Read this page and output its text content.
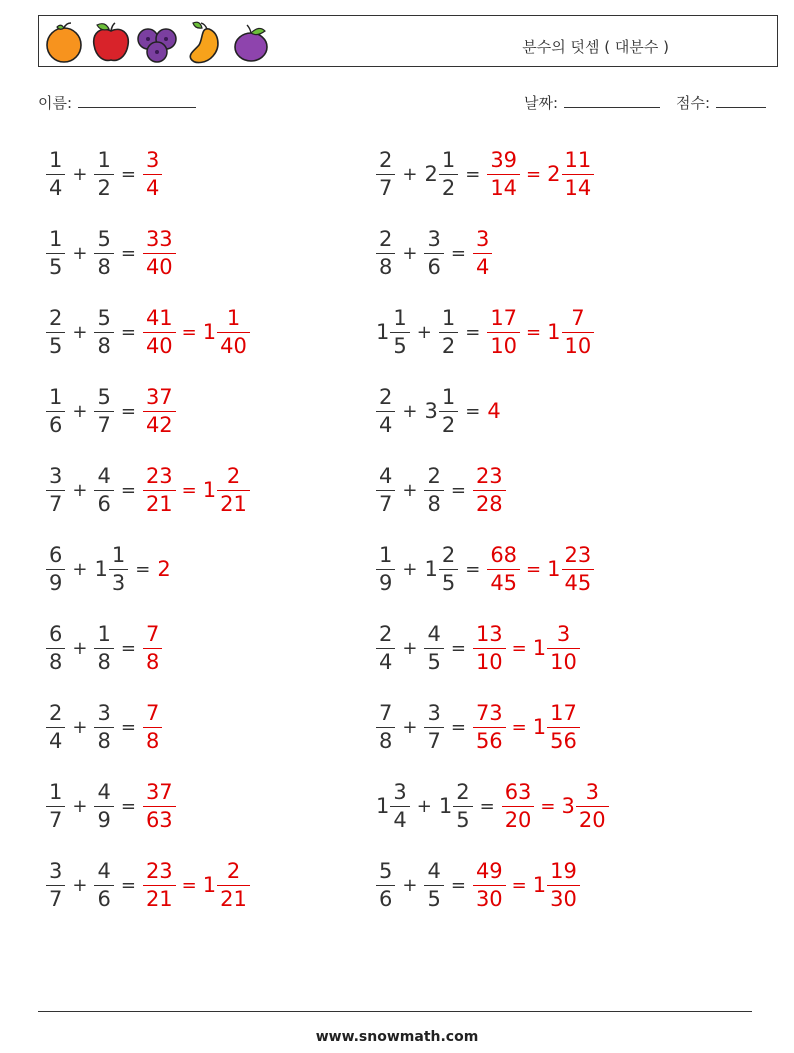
분수의 덧셈 ( 대분수 )
이름:	날짜:	점수:
$\frac{1}{4} + \frac{1}{2} = \frac{3}{4}$	$\frac{2}{7} + 2 \frac{1}{2} = \frac{39}{14} = 2 \frac{11}{14}$
$\frac{1}{5} + \frac{5}{8} = \frac{33}{40}$	$\frac{2}{8} + \frac{3}{6} = \frac{3}{4}$
$\frac{2}{5} + \frac{5}{8} = \frac{41}{40} = 1 \frac{1}{40}$	$1 \frac{1}{5} + \frac{1}{2} = \frac{17}{10} = 1 \frac{7}{10}$
$\frac{1}{6} + \frac{5}{7} = \frac{37}{42}$	$\frac{2}{4} + 3 \frac{1}{2} = 4$
$\frac{3}{7} + \frac{4}{6} = \frac{23}{21} = 1 \frac{2}{21}$	$\frac{4}{7} + \frac{2}{8} = \frac{23}{28}$
$\frac{6}{9} + 1 \frac{1}{3} = 2$	$\frac{1}{9} + 1 \frac{2}{5} = \frac{68}{45} = 1 \frac{23}{45}$
$\frac{6}{8} + \frac{1}{8} = \frac{7}{8}$	$\frac{2}{4} + \frac{4}{5} = \frac{13}{10} = 1 \frac{3}{10}$
$\frac{2}{4} + \frac{3}{8} = \frac{7}{8}$	$\frac{7}{8} + \frac{3}{7} = \frac{73}{56} = 1 \frac{17}{56}$
$\frac{1}{7} + \frac{4}{9} = \frac{37}{63}$	$1 \frac{3}{4} + 1 \frac{2}{5} = \frac{63}{20} = 3 \frac{3}{20}$
$\frac{3}{7} + \frac{4}{6} = \frac{23}{21} = 1 \frac{2}{21}$	$\frac{5}{6} + \frac{4}{5} = \frac{49}{30} = 1 \frac{19}{30}$
www.snowmath.com
